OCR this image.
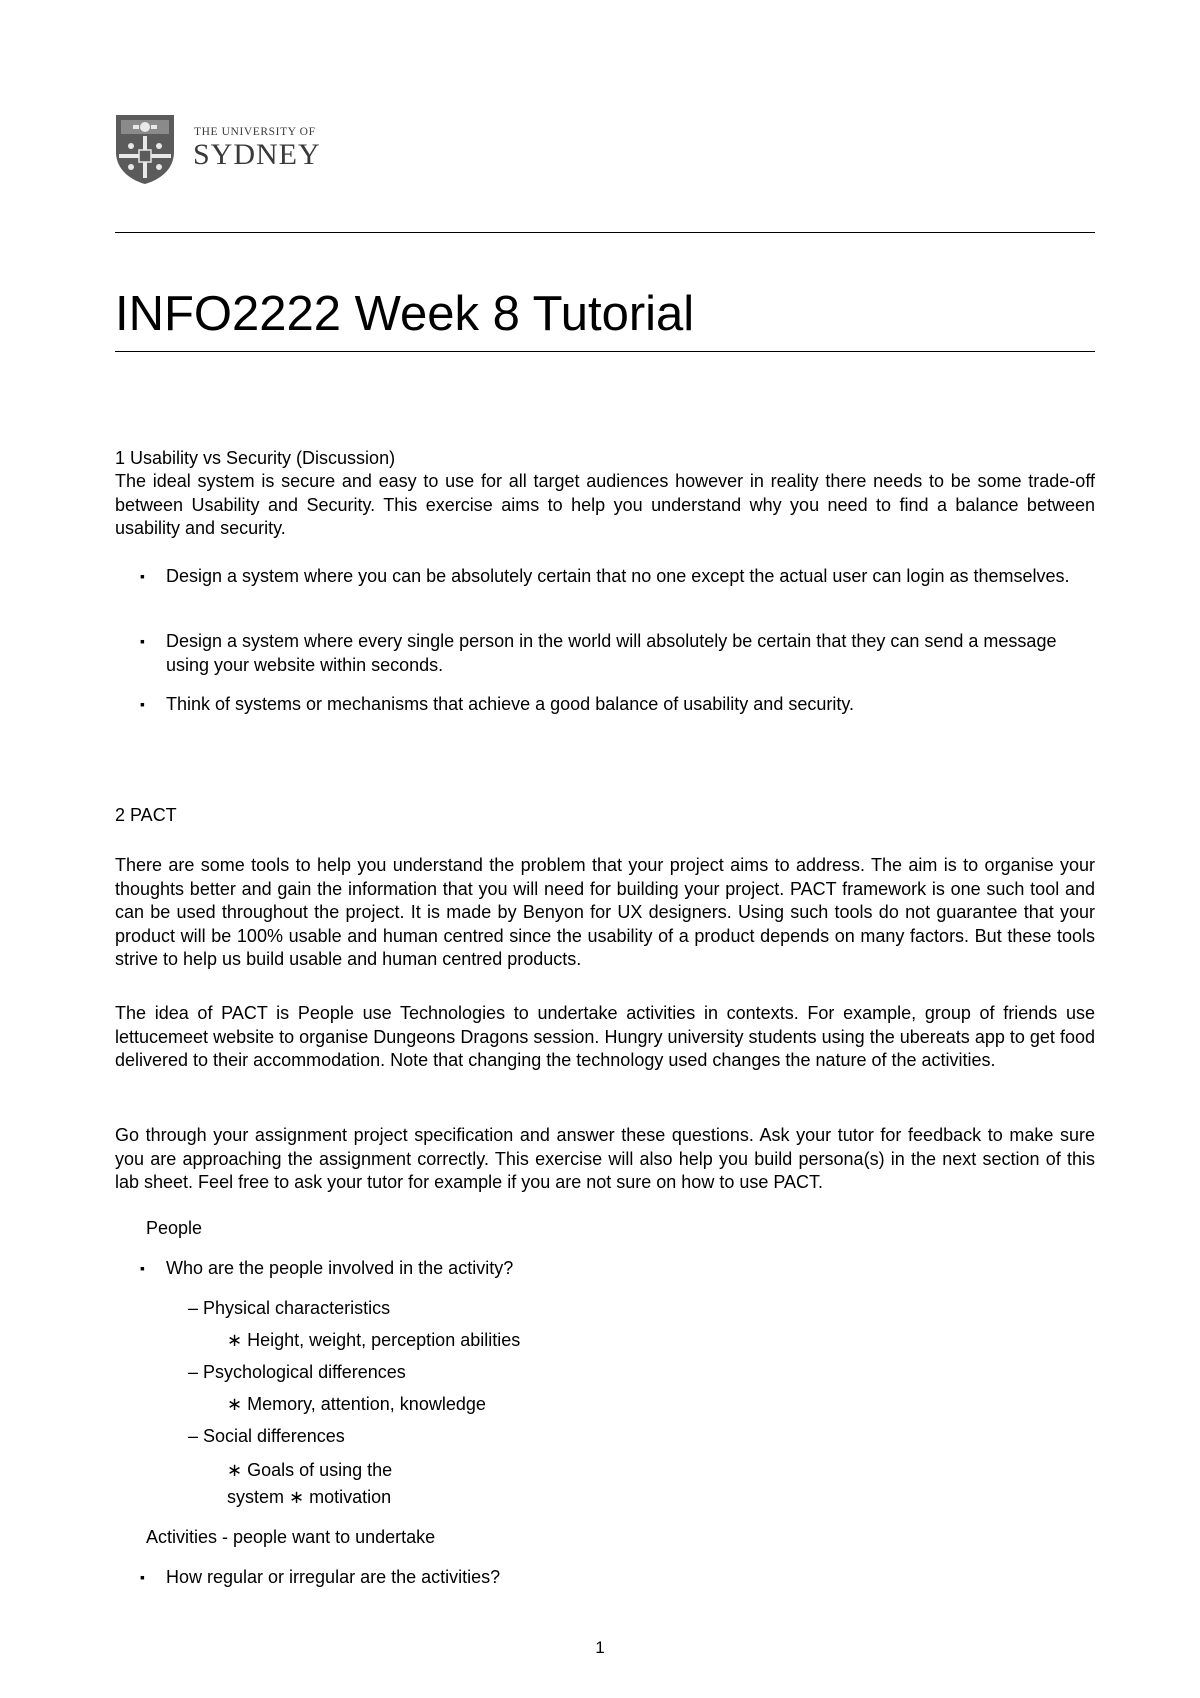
THE UNIVERSITY OF
SYDNEY
INFO2222 Week 8 Tutorial
1 Usability vs Security (Discussion)
The ideal system is secure and easy to use for all target audiences however in reality there needs to be some trade-off between Usability and Security. This exercise aims to help you understand why you need to find a balance between usability and security.
▪	Design a system where you can be absolutely certain that no one except the actual user can login as themselves.
▪	Design a system where every single person in the world will absolutely be certain that they can send a message using your website within seconds.
▪	Think of systems or mechanisms that achieve a good balance of usability and security.
2 PACT
There are some tools to help you understand the problem that your project aims to address. The aim is to organise your thoughts better and gain the information that you will need for building your project. PACT framework is one such tool and can be used throughout the project. It is made by Benyon for UX designers. Using such tools do not guarantee that your product will be 100% usable and human centred since the usability of a product depends on many factors. But these tools strive to help us build usable and human centred products.
The idea of PACT is People use Technologies to undertake activities in contexts. For example, group of friends use lettucemeet website to organise Dungeons Dragons session. Hungry university students using the ubereats app to get food delivered to their accommodation. Note that changing the technology used changes the nature of the activities.
Go through your assignment project specification and answer these questions. Ask your tutor for feedback to make sure you are approaching the assignment correctly. This exercise will also help you build persona(s) in the next section of this lab sheet. Feel free to ask your tutor for example if you are not sure on how to use PACT.
People
▪	Who are the people involved in the activity?
– Physical characteristics
∗ Height, weight, perception abilities
– Psychological differences
∗ Memory, attention, knowledge
– Social differences
∗ Goals of using the
system ∗ motivation
Activities - people want to undertake
▪	How regular or irregular are the activities?
1
